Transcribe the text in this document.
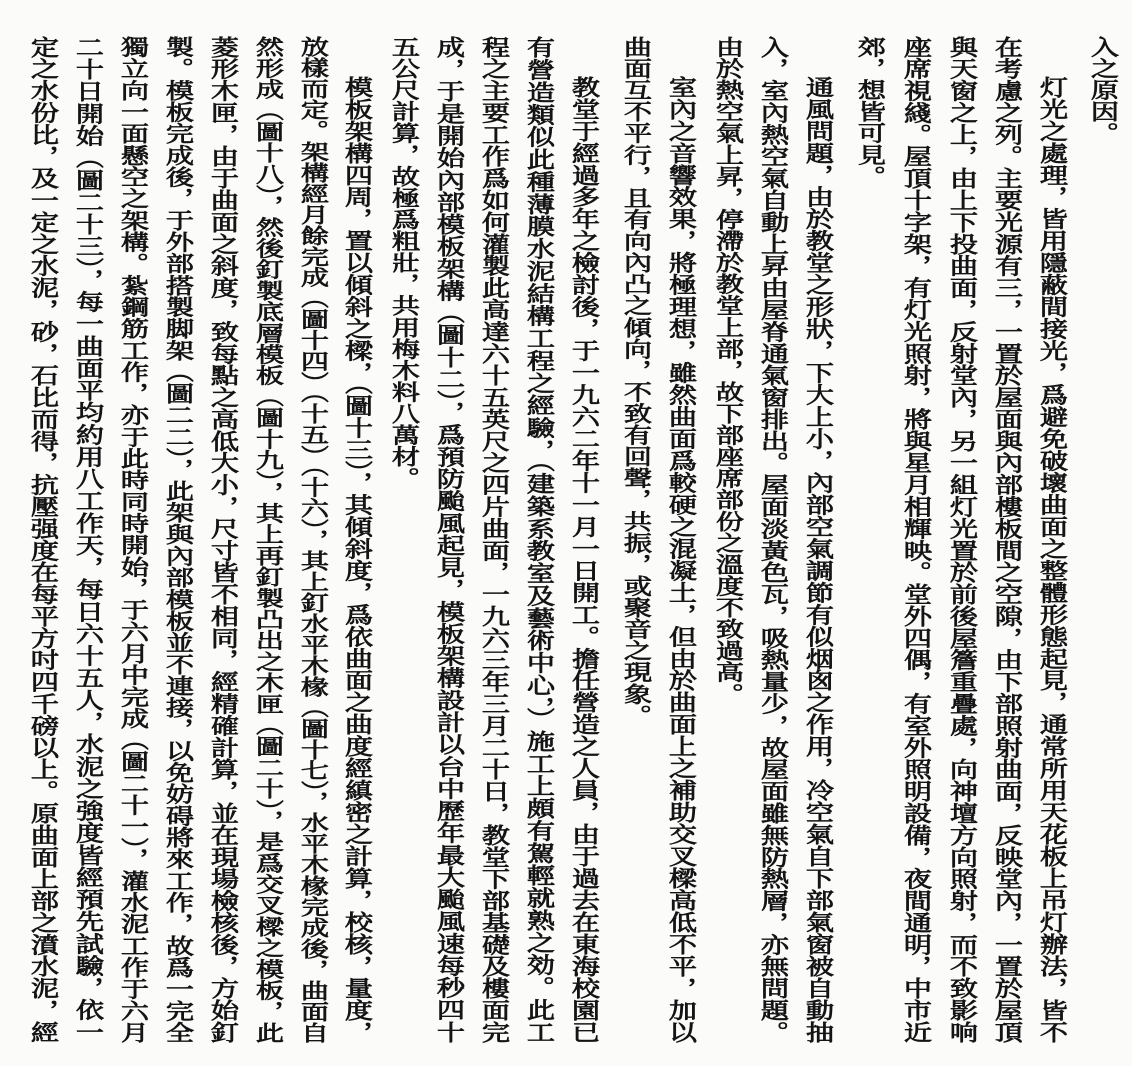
入之原因。

灯光之處理，皆用隱蔽間接光，爲避免破壞曲面之整體形態起見，通常所用天花板上吊灯辦法，皆不

在考慮之列。主要光源有三，一置於屋面與內部樓板間之空隙，由下部照射曲面，反映堂內，一置於屋頂

與天窗之上，由上下投曲面，反射堂內，另一組灯光置於前後屋簷重疊處，向神壇方向照射，而不致影响

座席視綫。屋頂十字架，有灯光照射，將與星月相輝映。堂外四偶，有室外照明設備，夜間通明，中市近

郊，想皆可見。

通風問題，由於教堂之形狀，下大上小，內部空氣調節有似烟囪之作用，冷空氣自下部氣窗被自動抽

入，室內熱空氣自動上昇由屋脊通氣窗排出。屋面淡黃色瓦，吸熱量少，故屋面雖無防熱層，亦無問題。

由於熱空氣上昇，停滯於教堂上部，故下部座席部份之溫度不致過高。

室內之音響效果，將極理想，雖然曲面爲較硬之混凝土，但由於曲面上之補助交叉樑高低不平，加以

曲面互不平行，且有向內凸之傾向，不致有回聲，共振，或聚音之現象。

教堂于經過多年之檢討後，于一九六二年十一月一日開工。擔任營造之人員，由于過去在東海校園已

有營造類似此種薄膜水泥結構工程之經驗，（建築系教室及藝術中心，）施工上頗有駕輕就熟之効。此工

程之主要工作爲如何灌製此高達六十五英尺之四片曲面，一九六三年三月二十日，教堂下部基礎及樓面完

成，于是開始內部模板架構（圖十二），爲預防颱風起見，模板架構設計以台中歷年最大颱風速每秒四十

五公尺計算，故極爲粗壯，共用梅木料八萬材。

模板架構四周，置以傾斜之樑，（圖十三），其傾斜度，爲依曲面之曲度經縝密之計算，校核，量度，

放樣而定。架構經月餘完成（圖十四）（十五）（十六），其上釘水平木椽（圖十七），水平木椽完成後，曲面自

然形成（圖十八），然後釘製底層模板（圖十九），其上再釘製凸出之木匣（圖二十），是爲交叉樑之模板，此

菱形木匣，由于曲面之斜度，致每點之高低大小，尺寸皆不相同，經精確計算，並在現場檢核後，方始釘

製。模板完成後，于外部搭製脚架（圖二二），此架與內部模板並不連接，以免妨碍將來工作，故爲一完全

獨立向一面懸空之架構。紮鋼筋工作，亦于此時同時開始，于六月中完成（圖二十一），灌水泥工作于六月

二十日開始（圖二十三），每一曲面平均約用八工作天，每日六十五人，水泥之強度皆經預先試驗，依一

定之水份比，及一定之水泥，砂，石比而得，抗壓强度在每平方吋四千磅以上。原曲面上部之濆水泥，經
